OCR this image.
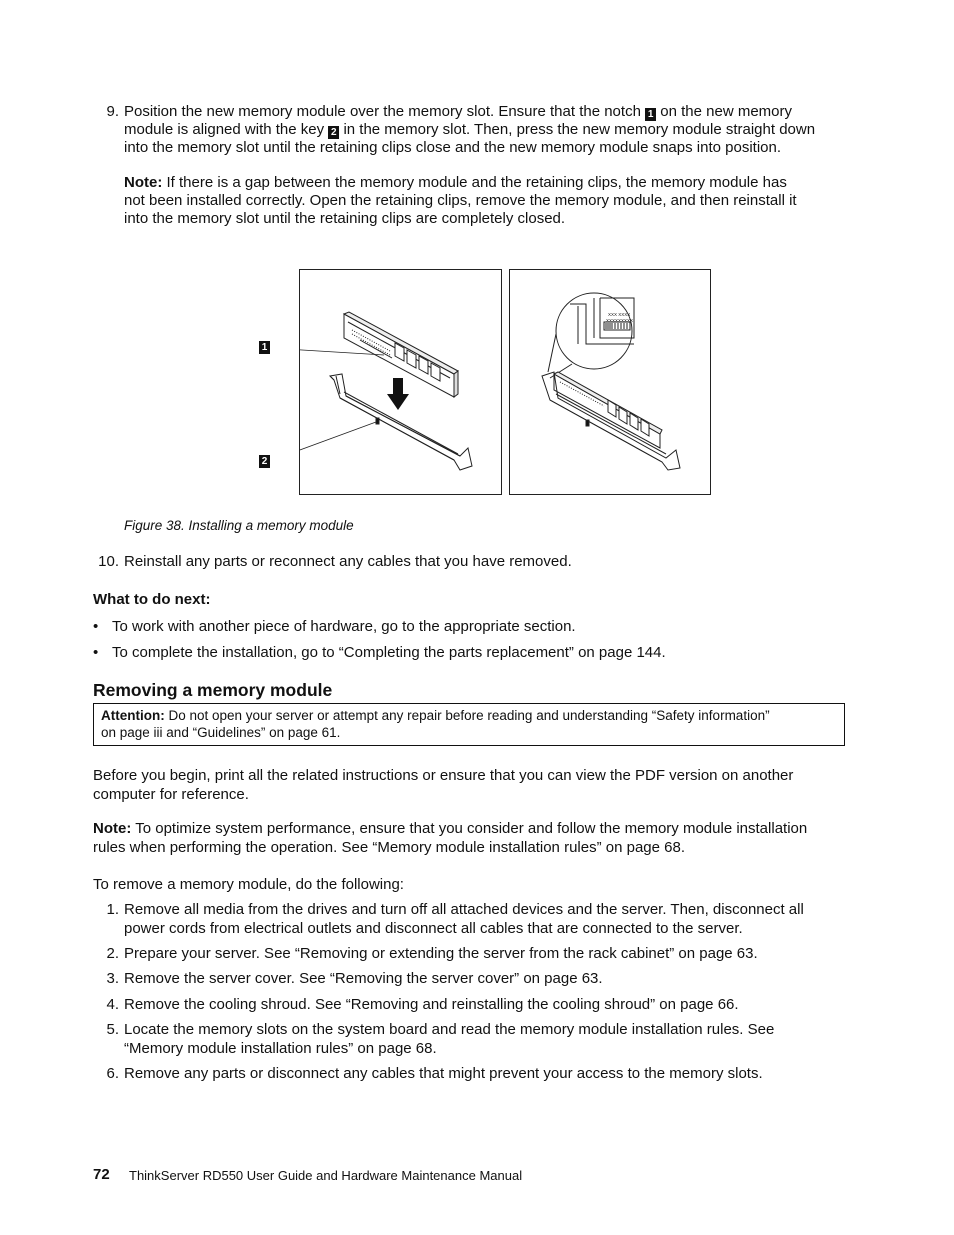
9. Position the new memory module over the memory slot. Ensure that the notch 1 on the new memory
module is aligned with the key 2 in the memory slot. Then, press the new memory module straight down
into the memory slot until the retaining clips close and the new memory module snaps into position.
Note: If there is a gap between the memory module and the retaining clips, the memory module has
not been installed correctly. Open the retaining clips, remove the memory module, and then reinstall it
into the memory slot until the retaining clips are completely closed.
1
2
XXX XXXX
XXXXXXXXX
Figure 38. Installing a memory module
10. Reinstall any parts or reconnect any cables that you have removed.
What to do next:
• To work with another piece of hardware, go to the appropriate section.
• To complete the installation, go to “Completing the parts replacement” on page 144.
Removing a memory module
Attention: Do not open your server or attempt any repair before reading and understanding “Safety information”
on page iii and “Guidelines” on page 61.
Before you begin, print all the related instructions or ensure that you can view the PDF version on another
computer for reference.
Note: To optimize system performance, ensure that you consider and follow the memory module installation
rules when performing the operation. See “Memory module installation rules” on page 68.
To remove a memory module, do the following:
1. Remove all media from the drives and turn off all attached devices and the server. Then, disconnect all
power cords from electrical outlets and disconnect all cables that are connected to the server.
2. Prepare your server. See “Removing or extending the server from the rack cabinet” on page 63.
3. Remove the server cover. See “Removing the server cover” on page 63.
4. Remove the cooling shroud. See “Removing and reinstalling the cooling shroud” on page 66.
5. Locate the memory slots on the system board and read the memory module installation rules. See
“Memory module installation rules” on page 68.
6. Remove any parts or disconnect any cables that might prevent your access to the memory slots.
72 ThinkServer RD550 User Guide and Hardware Maintenance Manual
